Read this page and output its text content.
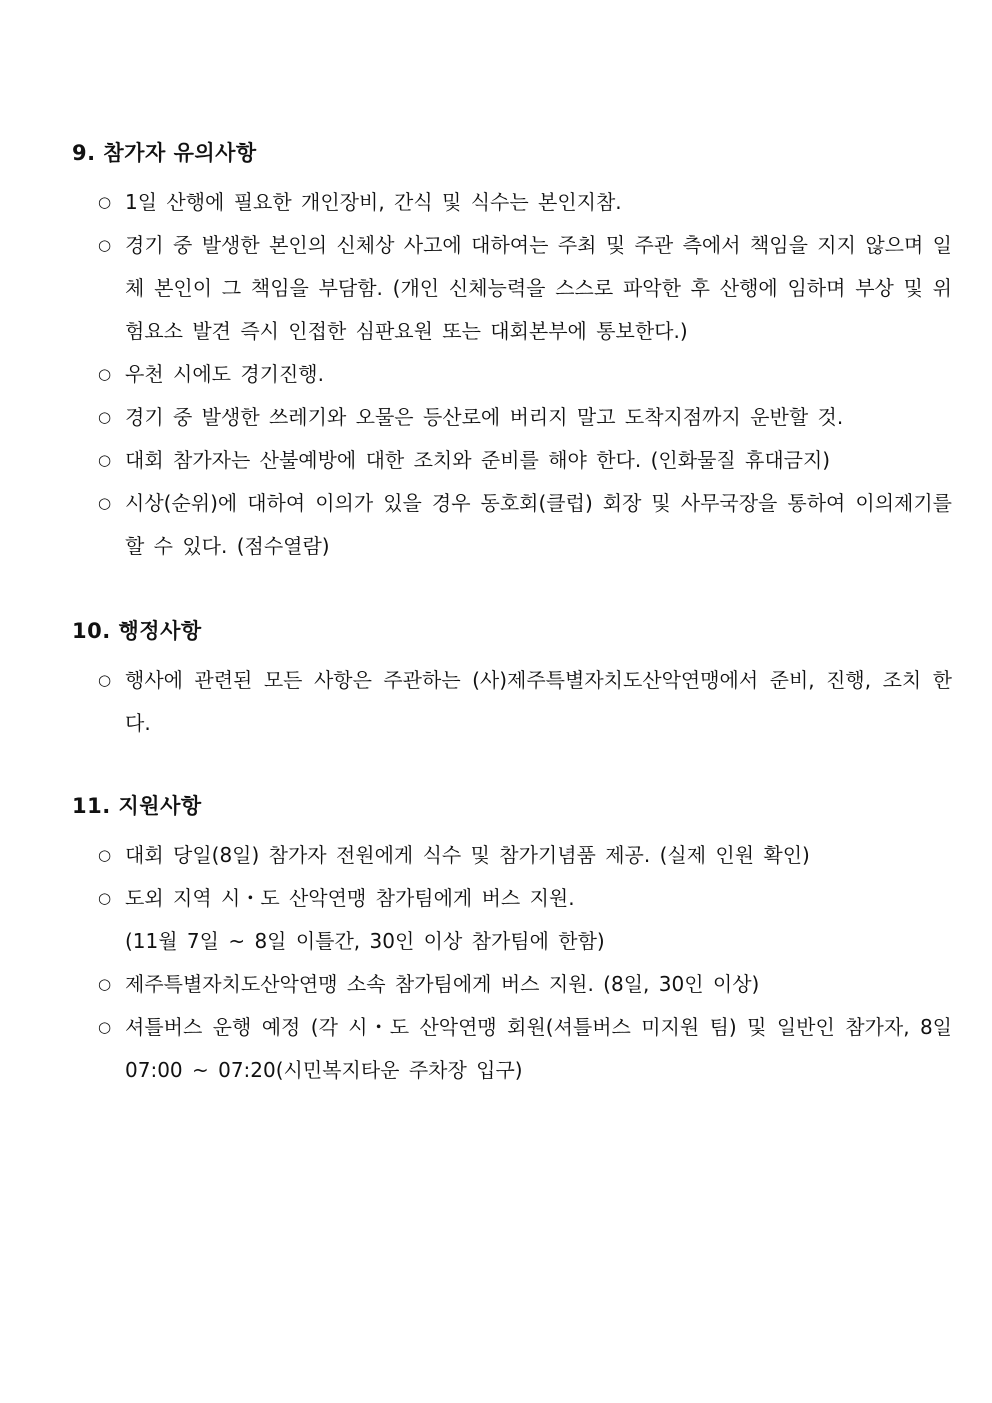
9. 참가자 유의사항
○ 1일 산행에 필요한 개인장비, 간식 및 식수는 본인지참.
○ 경기 중 발생한 본인의 신체상 사고에 대하여는 주최 및 주관 측에서 책임을 지지 않으며 일체 본인이 그 책임을 부담함. (개인 신체능력을 스스로 파악한 후 산행에 임하며 부상 및 위험요소 발견 즉시 인접한 심판요원 또는 대회본부에 통보한다.)
○ 우천 시에도 경기진행.
○ 경기 중 발생한 쓰레기와 오물은 등산로에 버리지 말고 도착지점까지 운반할 것.
○ 대회 참가자는 산불예방에 대한 조치와 준비를 해야 한다. (인화물질 휴대금지)
○ 시상(순위)에 대하여 이의가 있을 경우 동호회(클럽) 회장 및 사무국장을 통하여 이의제기를 할 수 있다. (점수열람)
10. 행정사항
○ 행사에 관련된 모든 사항은 주관하는 (사)제주특별자치도산악연맹에서 준비, 진행, 조치 한다.
11. 지원사항
○ 대회 당일(8일) 참가자 전원에게 식수 및 참가기념품 제공. (실제 인원 확인)
○ 도외 지역 시・도 산악연맹 참가팀에게 버스 지원.
(11월 7일 ~ 8일 이틀간, 30인 이상 참가팀에 한함)
○ 제주특별자치도산악연맹 소속 참가팀에게 버스 지원. (8일, 30인 이상)
○ 셔틀버스 운행 예정 (각 시・도 산악연맹 회원(셔틀버스 미지원 팀) 및 일반인 참가자, 8일 07:00 ~ 07:20(시민복지타운 주차장 입구)
